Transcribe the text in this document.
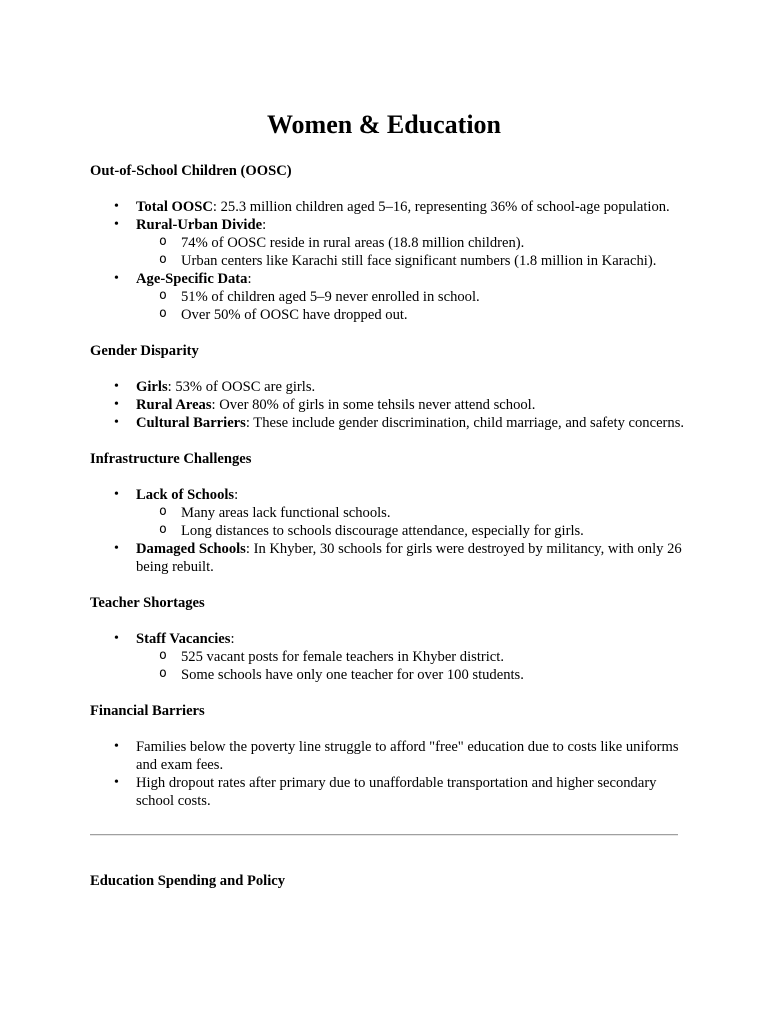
Women & Education
Out-of-School Children (OOSC)
• Total OOSC: 25.3 million children aged 5–16, representing 36% of school-age population.
• Rural-Urban Divide:
o 74% of OOSC reside in rural areas (18.8 million children).
o Urban centers like Karachi still face significant numbers (1.8 million in Karachi).
• Age-Specific Data:
o 51% of children aged 5–9 never enrolled in school.
o Over 50% of OOSC have dropped out.
Gender Disparity
• Girls: 53% of OOSC are girls.
• Rural Areas: Over 80% of girls in some tehsils never attend school.
• Cultural Barriers: These include gender discrimination, child marriage, and safety concerns.
Infrastructure Challenges
• Lack of Schools:
o Many areas lack functional schools.
o Long distances to schools discourage attendance, especially for girls.
• Damaged Schools: In Khyber, 30 schools for girls were destroyed by militancy, with only 26 being rebuilt.
Teacher Shortages
• Staff Vacancies:
o 525 vacant posts for female teachers in Khyber district.
o Some schools have only one teacher for over 100 students.
Financial Barriers
• Families below the poverty line struggle to afford "free" education due to costs like uniforms and exam fees.
• High dropout rates after primary due to unaffordable transportation and higher secondary school costs.
Education Spending and Policy
